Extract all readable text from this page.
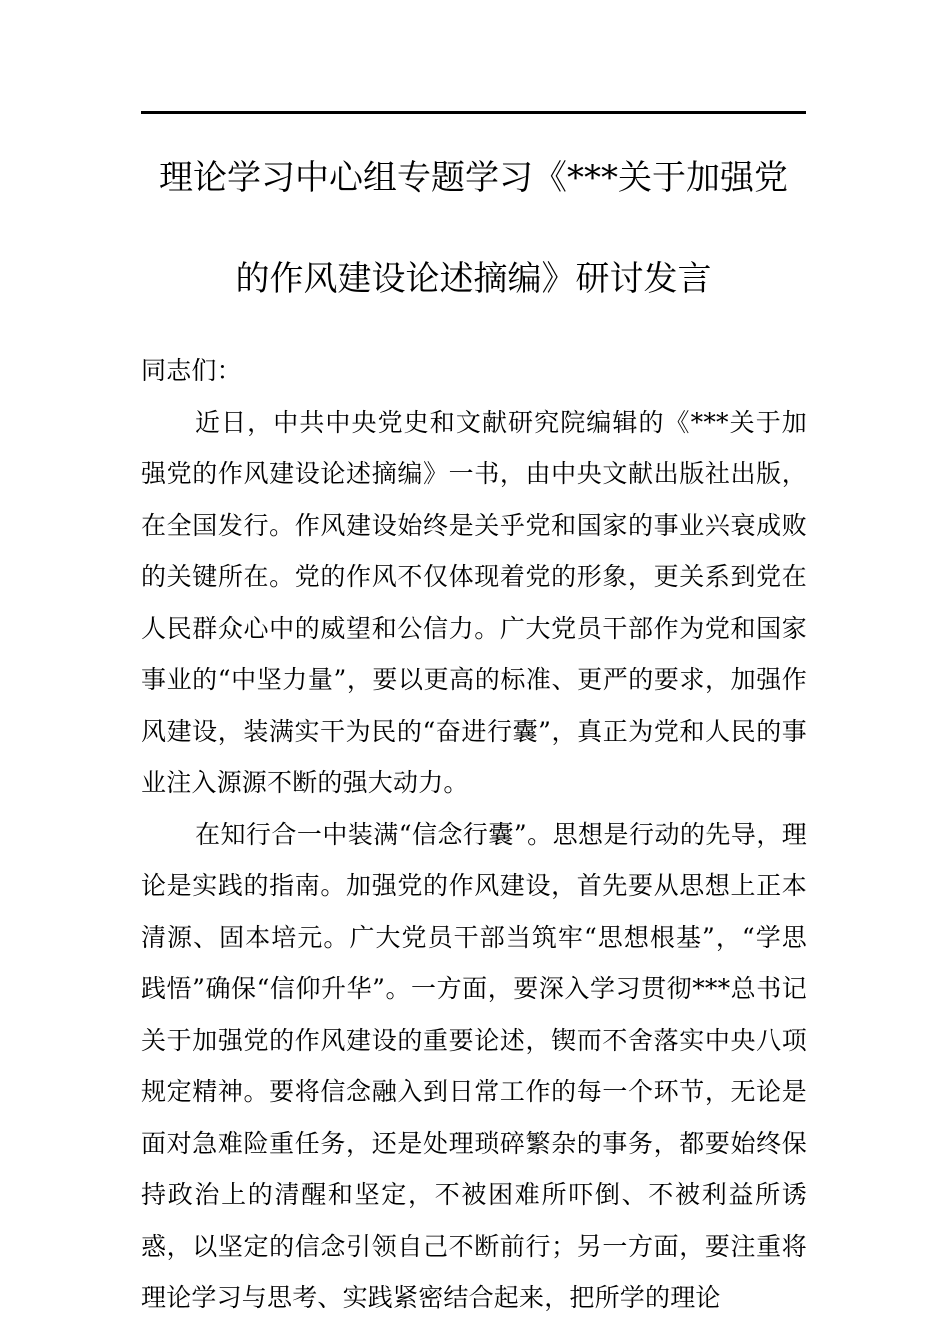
理论学习中心组专题学习《***关于加强党
的作风建设论述摘编》研讨发言

同志们：

近日，中共中央党史和文献研究院编辑的《***关于加强党的作风建设论述摘编》一书，由中央文献出版社出版，在全国发行。作风建设始终是关乎党和国家的事业兴衰成败的关键所在。党的作风不仅体现着党的形象，更关系到党在人民群众心中的威望和公信力。广大党员干部作为党和国家事业的“中坚力量”，要以更高的标准、更严的要求，加强作风建设，装满实干为民的“奋进行囊”，真正为党和人民的事业注入源源不断的强大动力。

在知行合一中装满“信念行囊”。思想是行动的先导，理论是实践的指南。加强党的作风建设，首先要从思想上正本清源、固本培元。广大党员干部当筑牢“思想根基”，“学思践悟”确保“信仰升华”。一方面，要深入学习贯彻***总书记关于加强党的作风建设的重要论述，锲而不舍落实中央八项规定精神。要将信念融入到日常工作的每一个环节，无论是面对急难险重任务，还是处理琐碎繁杂的事务，都要始终保持政治上的清醒和坚定，不被困难所吓倒、不被利益所诱惑，以坚定的信念引领自己不断前行；另一方面，要注重将理论学习与思考、实践紧密结合起来，把所学的理论
